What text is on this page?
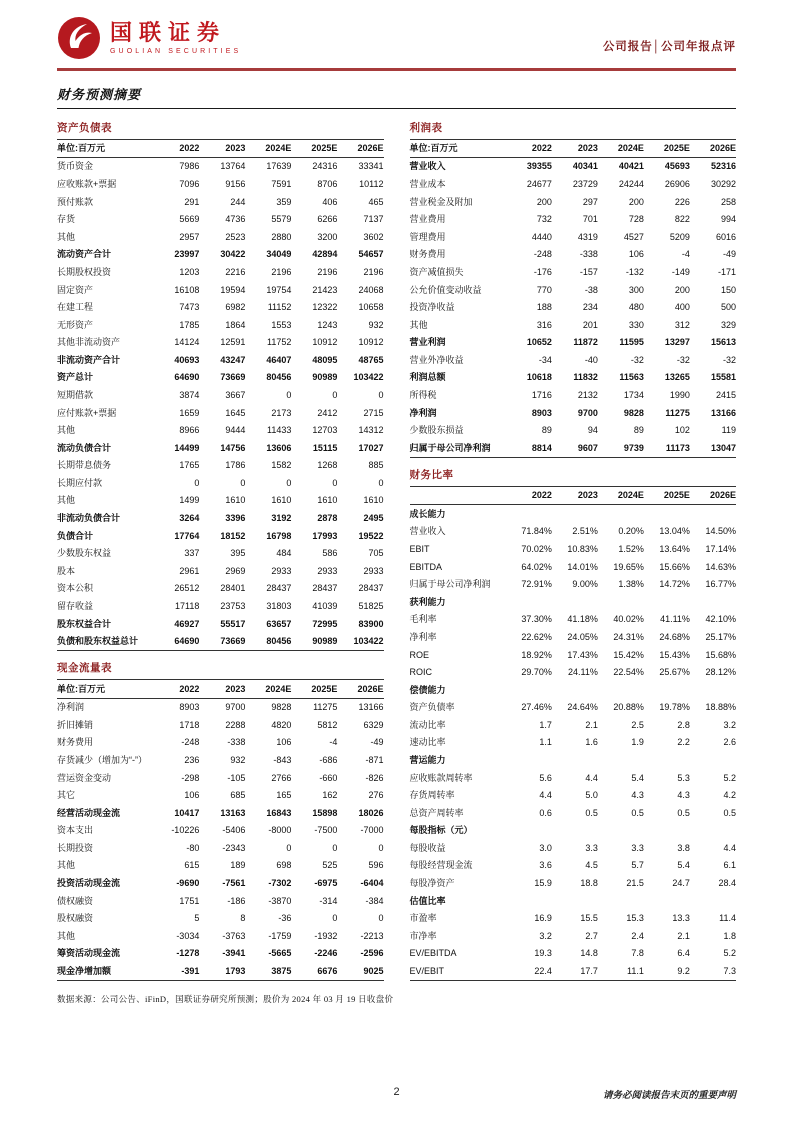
国联证券
GUOLIAN SECURITIES	公司报告│公司年报点评
财务预测摘要
资产负债表
单位:百万元	2022	2023	2024E	2025E	2026E
货币资金	7986	13764	17639	24316	33341
应收账款+票据	7096	9156	7591	8706	10112
预付账款	291	244	359	406	465
存货	5669	4736	5579	6266	7137
其他	2957	2523	2880	3200	3602
流动资产合计	23997	30422	34049	42894	54657
长期股权投资	1203	2216	2196	2196	2196
固定资产	16108	19594	19754	21423	24068
在建工程	7473	6982	11152	12322	10658
无形资产	1785	1864	1553	1243	932
其他非流动资产	14124	12591	11752	10912	10912
非流动资产合计	40693	43247	46407	48095	48765
资产总计	64690	73669	80456	90989	103422
短期借款	3874	3667	0	0	0
应付账款+票据	1659	1645	2173	2412	2715
其他	8966	9444	11433	12703	14312
流动负债合计	14499	14756	13606	15115	17027
长期带息债务	1765	1786	1582	1268	885
长期应付款	0	0	0	0	0
其他	1499	1610	1610	1610	1610
非流动负债合计	3264	3396	3192	2878	2495
负债合计	17764	18152	16798	17993	19522
少数股东权益	337	395	484	586	705
股本	2961	2969	2933	2933	2933
资本公积	26512	28401	28437	28437	28437
留存收益	17118	23753	31803	41039	51825
股东权益合计	46927	55517	63657	72995	83900
负债和股东权益总计	64690	73669	80456	90989	103422
现金流量表
单位:百万元	2022	2023	2024E	2025E	2026E
净利润	8903	9700	9828	11275	13166
折旧摊销	1718	2288	4820	5812	6329
财务费用	-248	-338	106	-4	-49
存货减少（增加为“-”）	236	932	-843	-686	-871
营运资金变动	-298	-105	2766	-660	-826
其它	106	685	165	162	276
经营活动现金流	10417	13163	16843	15898	18026
资本支出	-10226	-5406	-8000	-7500	-7000
长期投资	-80	-2343	0	0	0
其他	615	189	698	525	596
投资活动现金流	-9690	-7561	-7302	-6975	-6404
债权融资	1751	-186	-3870	-314	-384
股权融资	5	8	-36	0	0
其他	-3034	-3763	-1759	-1932	-2213
筹资活动现金流	-1278	-3941	-5665	-2246	-2596
现金净增加额	-391	1793	3875	6676	9025
利润表
单位:百万元	2022	2023	2024E	2025E	2026E
营业收入	39355	40341	40421	45693	52316
营业成本	24677	23729	24244	26906	30292
营业税金及附加	200	297	200	226	258
营业费用	732	701	728	822	994
管理费用	4440	4319	4527	5209	6016
财务费用	-248	-338	106	-4	-49
资产减值损失	-176	-157	-132	-149	-171
公允价值变动收益	770	-38	300	200	150
投资净收益	188	234	480	400	500
其他	316	201	330	312	329
营业利润	10652	11872	11595	13297	15613
营业外净收益	-34	-40	-32	-32	-32
利润总额	10618	11832	11563	13265	15581
所得税	1716	2132	1734	1990	2415
净利润	8903	9700	9828	11275	13166
少数股东损益	89	94	89	102	119
归属于母公司净利润	8814	9607	9739	11173	13047
财务比率
	2022	2023	2024E	2025E	2026E
成长能力					
营业收入	71.84%	2.51%	0.20%	13.04%	14.50%
EBIT	70.02%	10.83%	1.52%	13.64%	17.14%
EBITDA	64.02%	14.01%	19.65%	15.66%	14.63%
归属于母公司净利润	72.91%	9.00%	1.38%	14.72%	16.77%
获利能力					
毛利率	37.30%	41.18%	40.02%	41.11%	42.10%
净利率	22.62%	24.05%	24.31%	24.68%	25.17%
ROE	18.92%	17.43%	15.42%	15.43%	15.68%
ROIC	29.70%	24.11%	22.54%	25.67%	28.12%
偿债能力					
资产负债率	27.46%	24.64%	20.88%	19.78%	18.88%
流动比率	1.7	2.1	2.5	2.8	3.2
速动比率	1.1	1.6	1.9	2.2	2.6
营运能力					
应收账款周转率	5.6	4.4	5.4	5.3	5.2
存货周转率	4.4	5.0	4.3	4.3	4.2
总资产周转率	0.6	0.5	0.5	0.5	0.5
每股指标（元）					
每股收益	3.0	3.3	3.3	3.8	4.4
每股经营现金流	3.6	4.5	5.7	5.4	6.1
每股净资产	15.9	18.8	21.5	24.7	28.4
估值比率					
市盈率	16.9	15.5	15.3	13.3	11.4
市净率	3.2	2.7	2.4	2.1	1.8
EV/EBITDA	19.3	14.8	7.8	6.4	5.2
EV/EBIT	22.4	17.7	11.1	9.2	7.3
数据来源：公司公告、iFinD，国联证券研究所预测；股价为 2024 年 03 月 19 日收盘价
2	请务必阅读报告末页的重要声明
